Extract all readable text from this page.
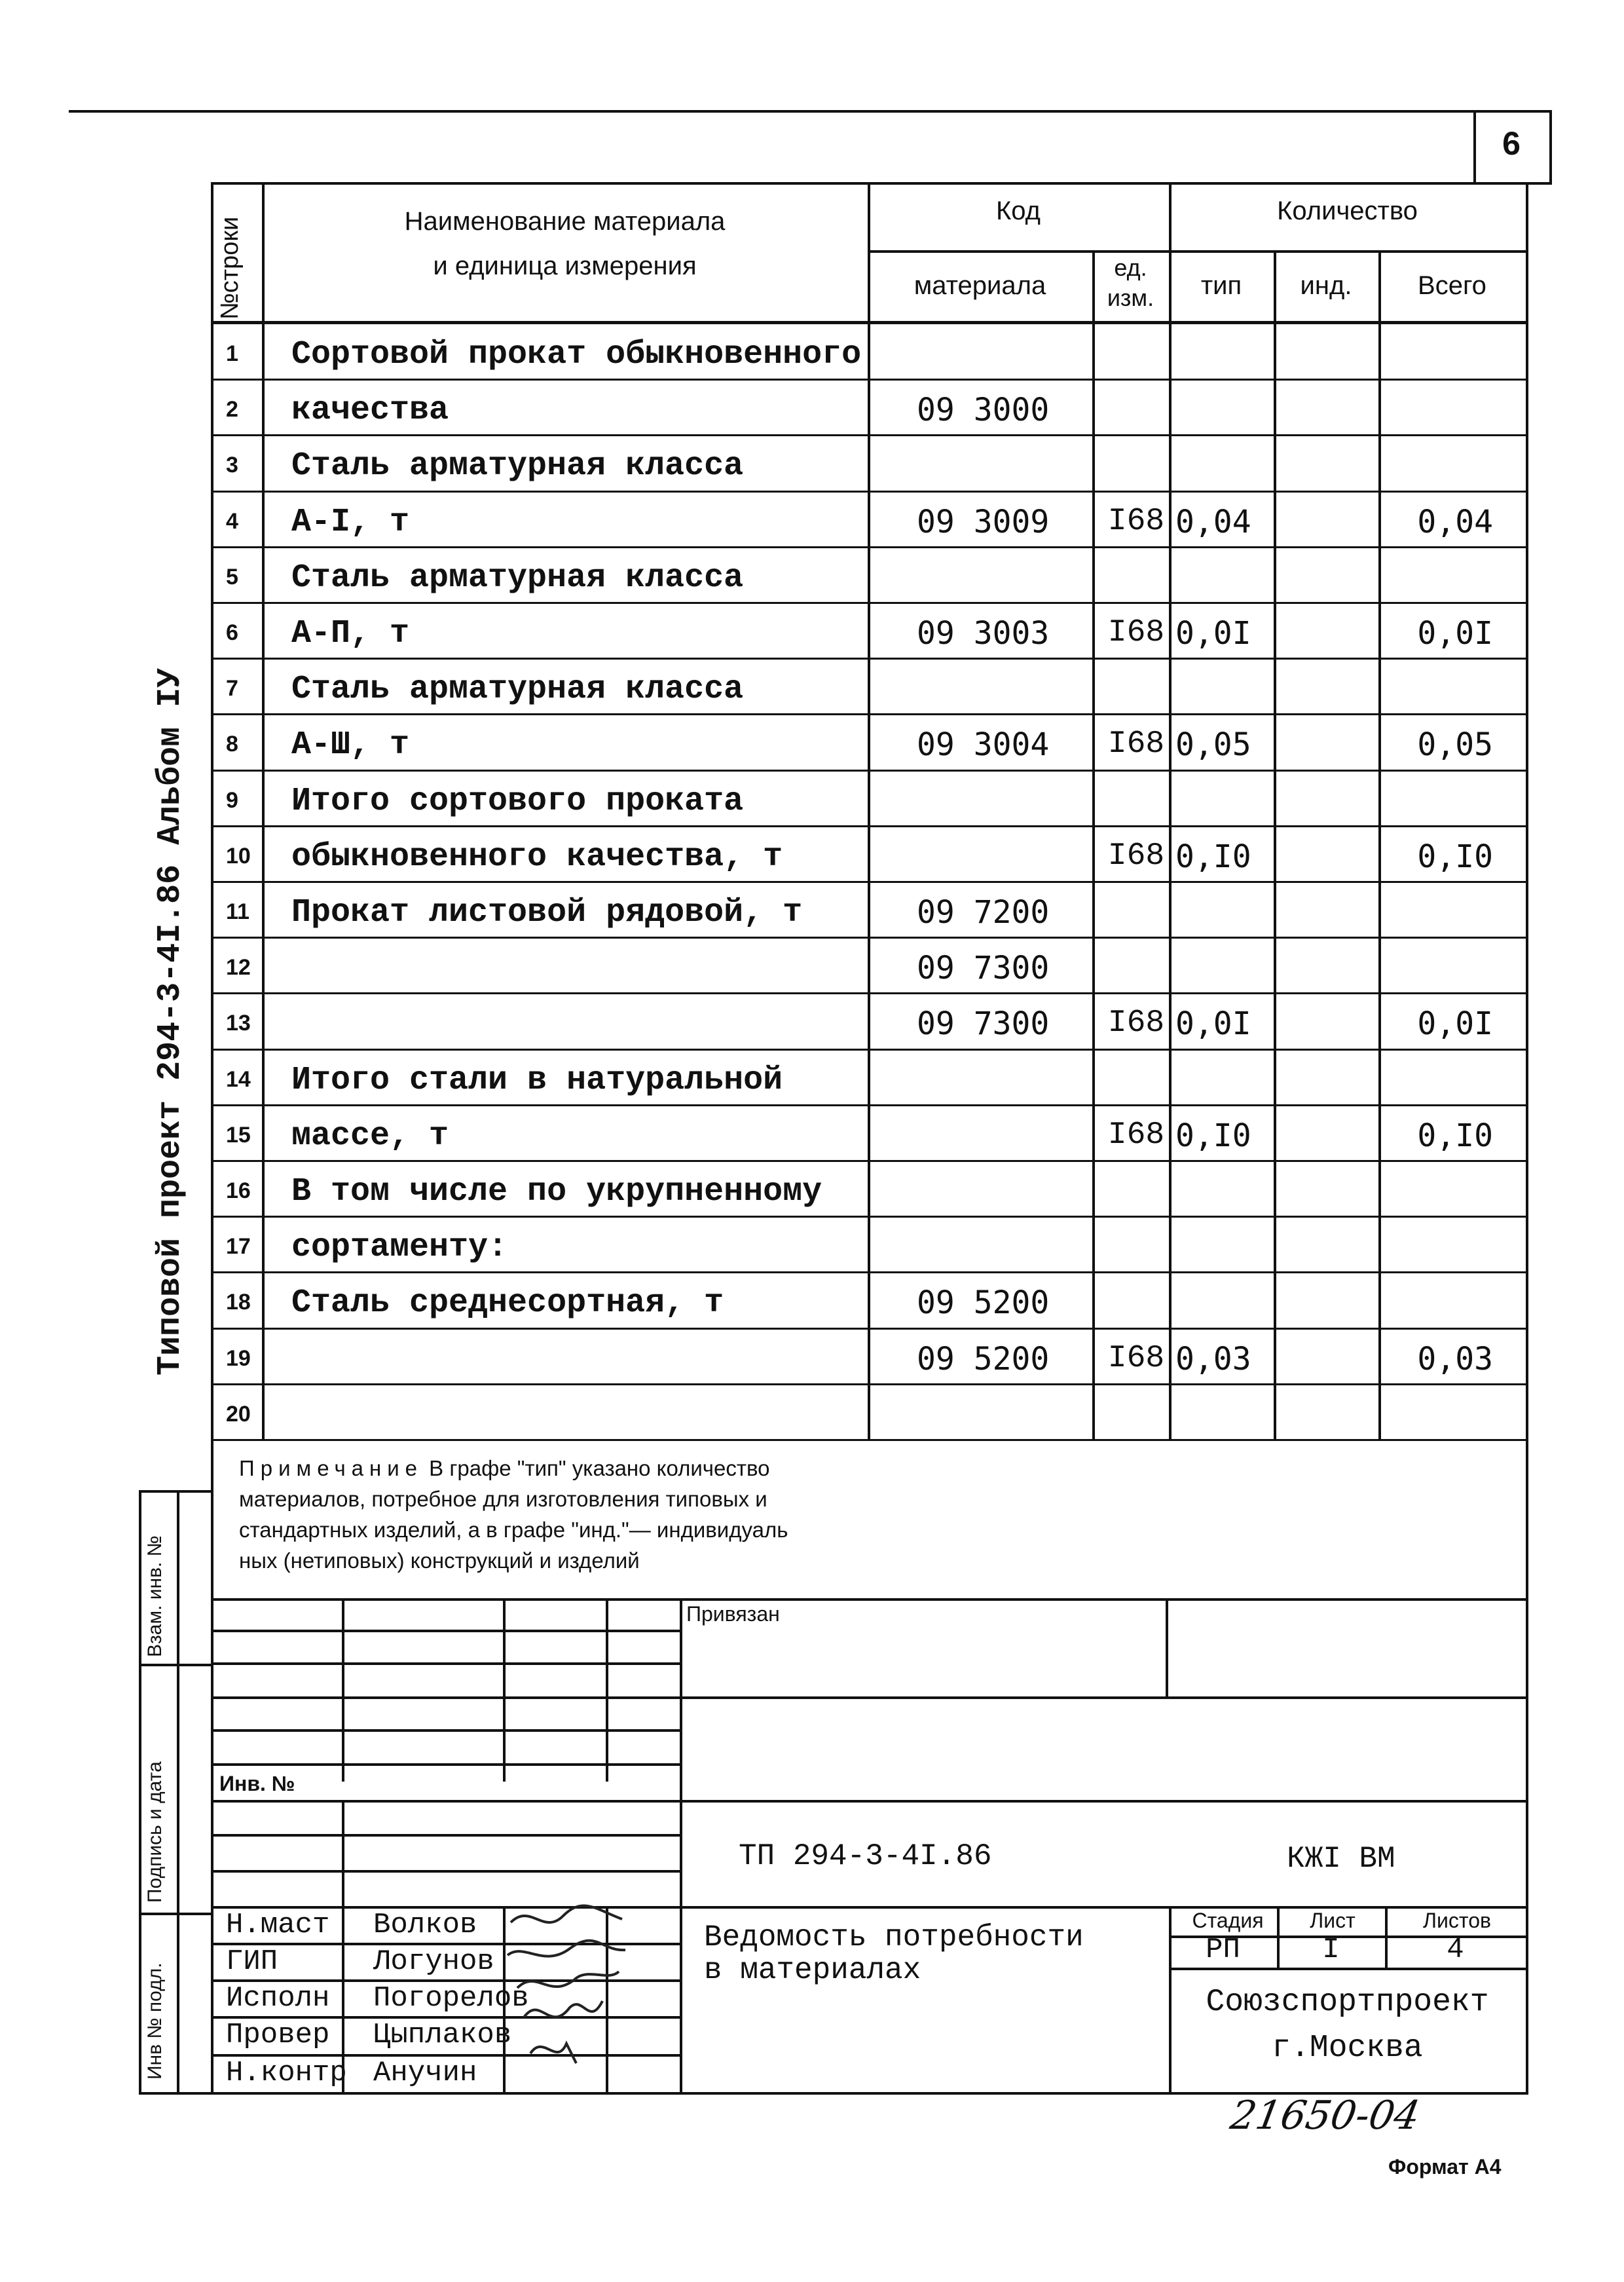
6
№строки	Наименование материала
и единица измерения
Код
материала
ед.
изм.
Количество
тип	инд.	Всего
1 Сортовой прокат обыкновенного
2 качества	09 3000
3 Сталь арматурная класса
4 А-I, т	09 3009 I68 0,04	0,04
5 Сталь арматурная класса
6 А-П, т	09 3003 I68 0,0I	0,0I
7 Сталь арматурная класса
8 А-Ш, т	09 3004 I68 0,05	0,05
9 Итого сортового проката
10 обыкновенного качества, т	I68 0,I0	0,I0
11 Прокат листовой рядовой, т	09 7200
12	09 7300
13	09 7300 I68 0,0I	0,0I
14 Итого стали в натуральной
15 массе, т	I68 0,I0	0,I0
16 В том числе по укрупненному
17 сортаменту:
18 Сталь среднесортная, т	09 5200
19	09 5200 I68 0,03	0,03
20
Примечание В графе "тип" указано количество
материалов, потребное для изготовления типовых и
стандартных изделий, а в графе "инд."— индивидуаль
ных (нетиповых) конструкций и изделий
Взам. инв. №
Подпись и дата
Инв № подл.
Типовой проект 294-3-4I.86 Альбом IУ
Привязан
Инв. №
ТП 294-3-4I.86	КЖI ВМ
Ведомость потребности
в материалах
Стадия	Лист	Листов
РП	I	4
Союзспортпроект
г.Москва
Н.маст Волков
ГИП	Логунов
Исполн Погорелов
Провер Цыплаков
Н.контр Анучин
21650-04
Формат А4
